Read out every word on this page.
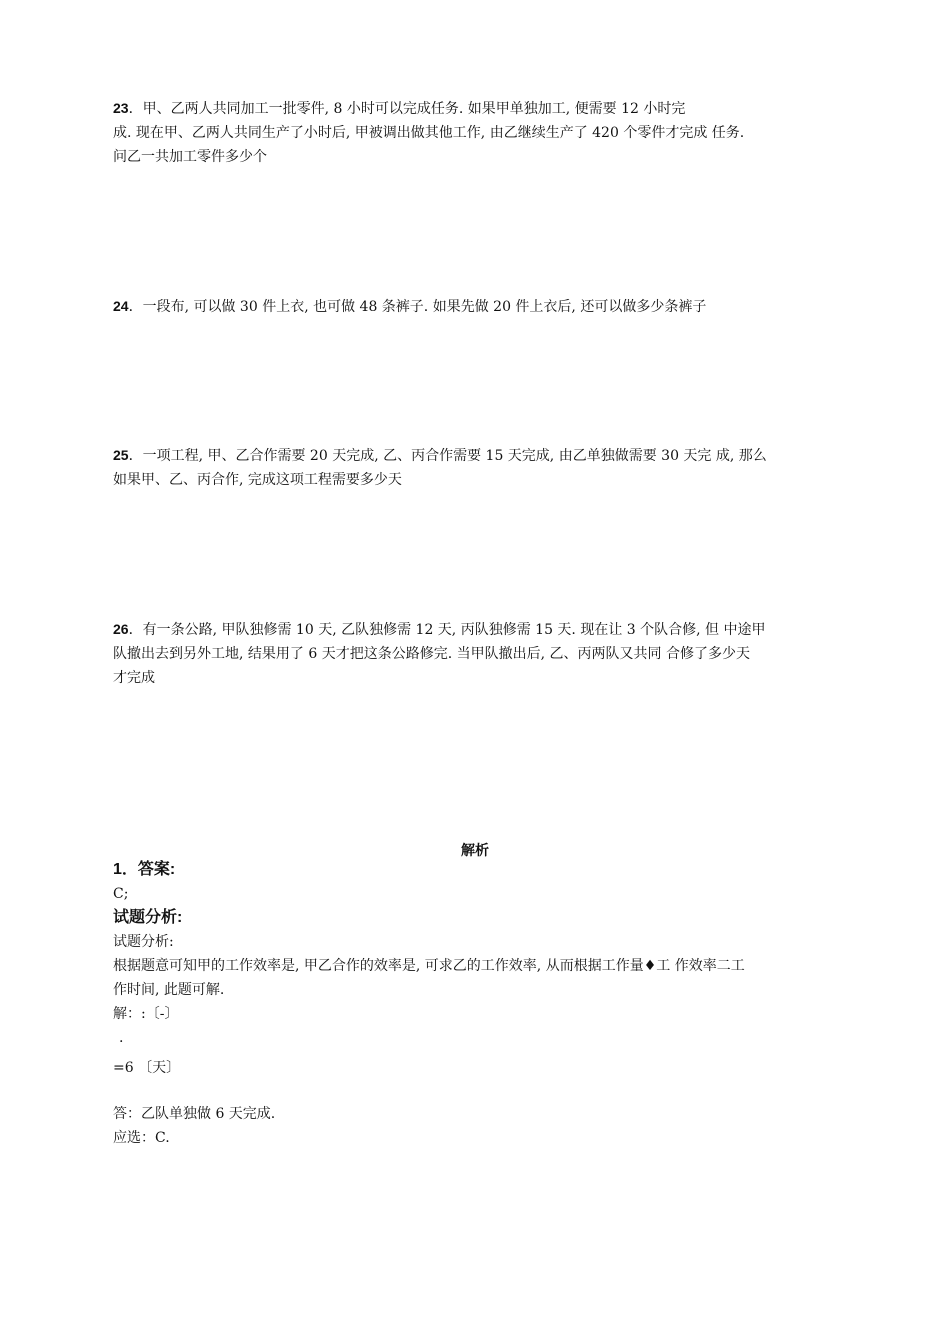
23．甲、乙两人共同加工一批零件, 8 小时可以完成任务. 如果甲单独加工, 便需要 12 小时完
成. 现在甲、乙两人共同生产了小时后, 甲被调出做其他工作, 由乙继续生产了 420 个零件才完成 任务.
问乙一共加工零件多少个
24．一段布, 可以做 30 件上衣, 也可做 48 条裤子. 如果先做 20 件上衣后, 还可以做多少条裤子
25．一项工程, 甲、乙合作需要 20 天完成, 乙、丙合作需要 15 天完成, 由乙单独做需要 30 天完 成, 那么
如果甲、乙、丙合作, 完成这项工程需要多少天
26．有一条公路, 甲队独修需 10 天, 乙队独修需 12 天, 丙队独修需 15 天. 现在让 3 个队合修, 但 中途甲
队撤出去到另外工地, 结果用了 6 天才把这条公路修完. 当甲队撤出后, 乙、丙两队又共同 合修了多少天
才完成
解析
1．答案:
C;
试题分析:
试题分析:
根据题意可知甲的工作效率是, 甲乙合作的效率是, 可求乙的工作效率, 从而根据工作量♦工 作效率二工
作时间, 此题可解.
解：:〔-〕
.
=6 〔天〕
答：乙队单独做 6 天完成.
应选：C.
